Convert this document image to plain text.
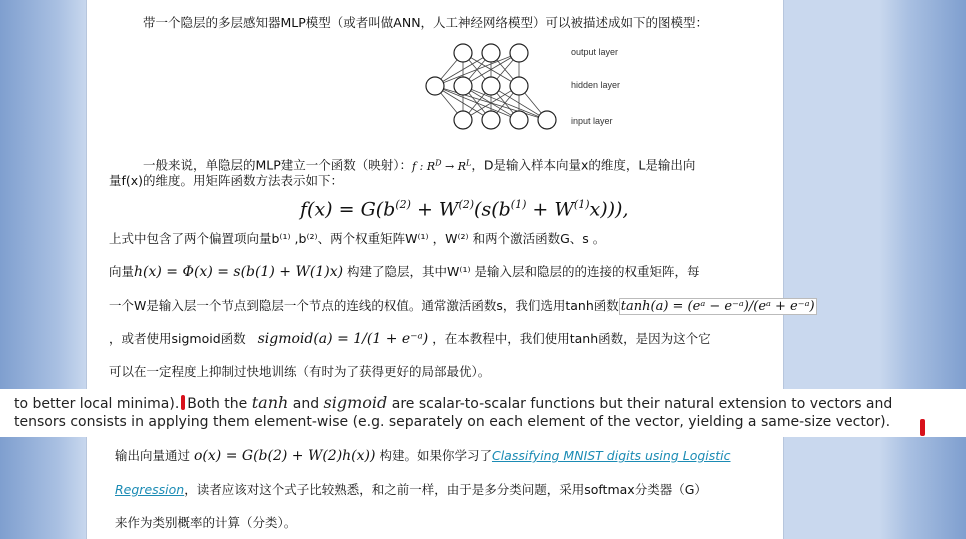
带一个隐层的多层感知器MLP模型（或者叫做ANN，人工神经网络模型）可以被描述成如下的图模型：
output layer
hidden layer
input layer
一般来说，单隐层的MLP建立一个函数（映射）：f : $R^D \to R^L$，D是输入样本向量x的维度，L是输出向
量f(x)的维度。用矩阵函数方法表示如下：
$f(x) = G(b^{(2)} + W^{(2)}(s(b^{(1)} + W^{(1)}x)))$,
上式中包含了两个偏置项向量b⁽¹⁾ ,b⁽²⁾、两个权重矩阵W⁽¹⁾ ，W⁽²⁾ 和两个激活函数G、s 。
向量h(x) = Φ(x) = s(b(1) + W(1)x) 构建了隐层，其中W⁽¹⁾ 是输入层和隐层的的连接的权重矩阵，每
一个W是输入层一个节点到隐层一个节点的连线的权值。通常激活函数s，我们选用tanh函数 tanh(a) = (eᵃ − e⁻ᵃ)/(eᵃ + e⁻ᵃ)
，或者使用sigmoid函数 sigmoid(a) = 1/(1 + e⁻ᵃ) ，在本教程中，我们使用tanh函数，是因为这个它
可以在一定程度上抑制过快地训练（有时为了获得更好的局部最优）。
输出向量通过 o(x) = G(b(2) + W(2)h(x)) 构建。如果你学习了Classifying MNIST digits using Logistic
Regression，读者应该对这个式子比较熟悉，和之前一样，由于是多分类问题，采用softmax分类器（G）
来作为类别概率的计算（分类）。
to better local minima). Both the tanh and sigmoid are scalar-to-scalar functions but their natural extension to vectors and
tensors consists in applying them element-wise (e.g. separately on each element of the vector, yielding a same-size vector).
